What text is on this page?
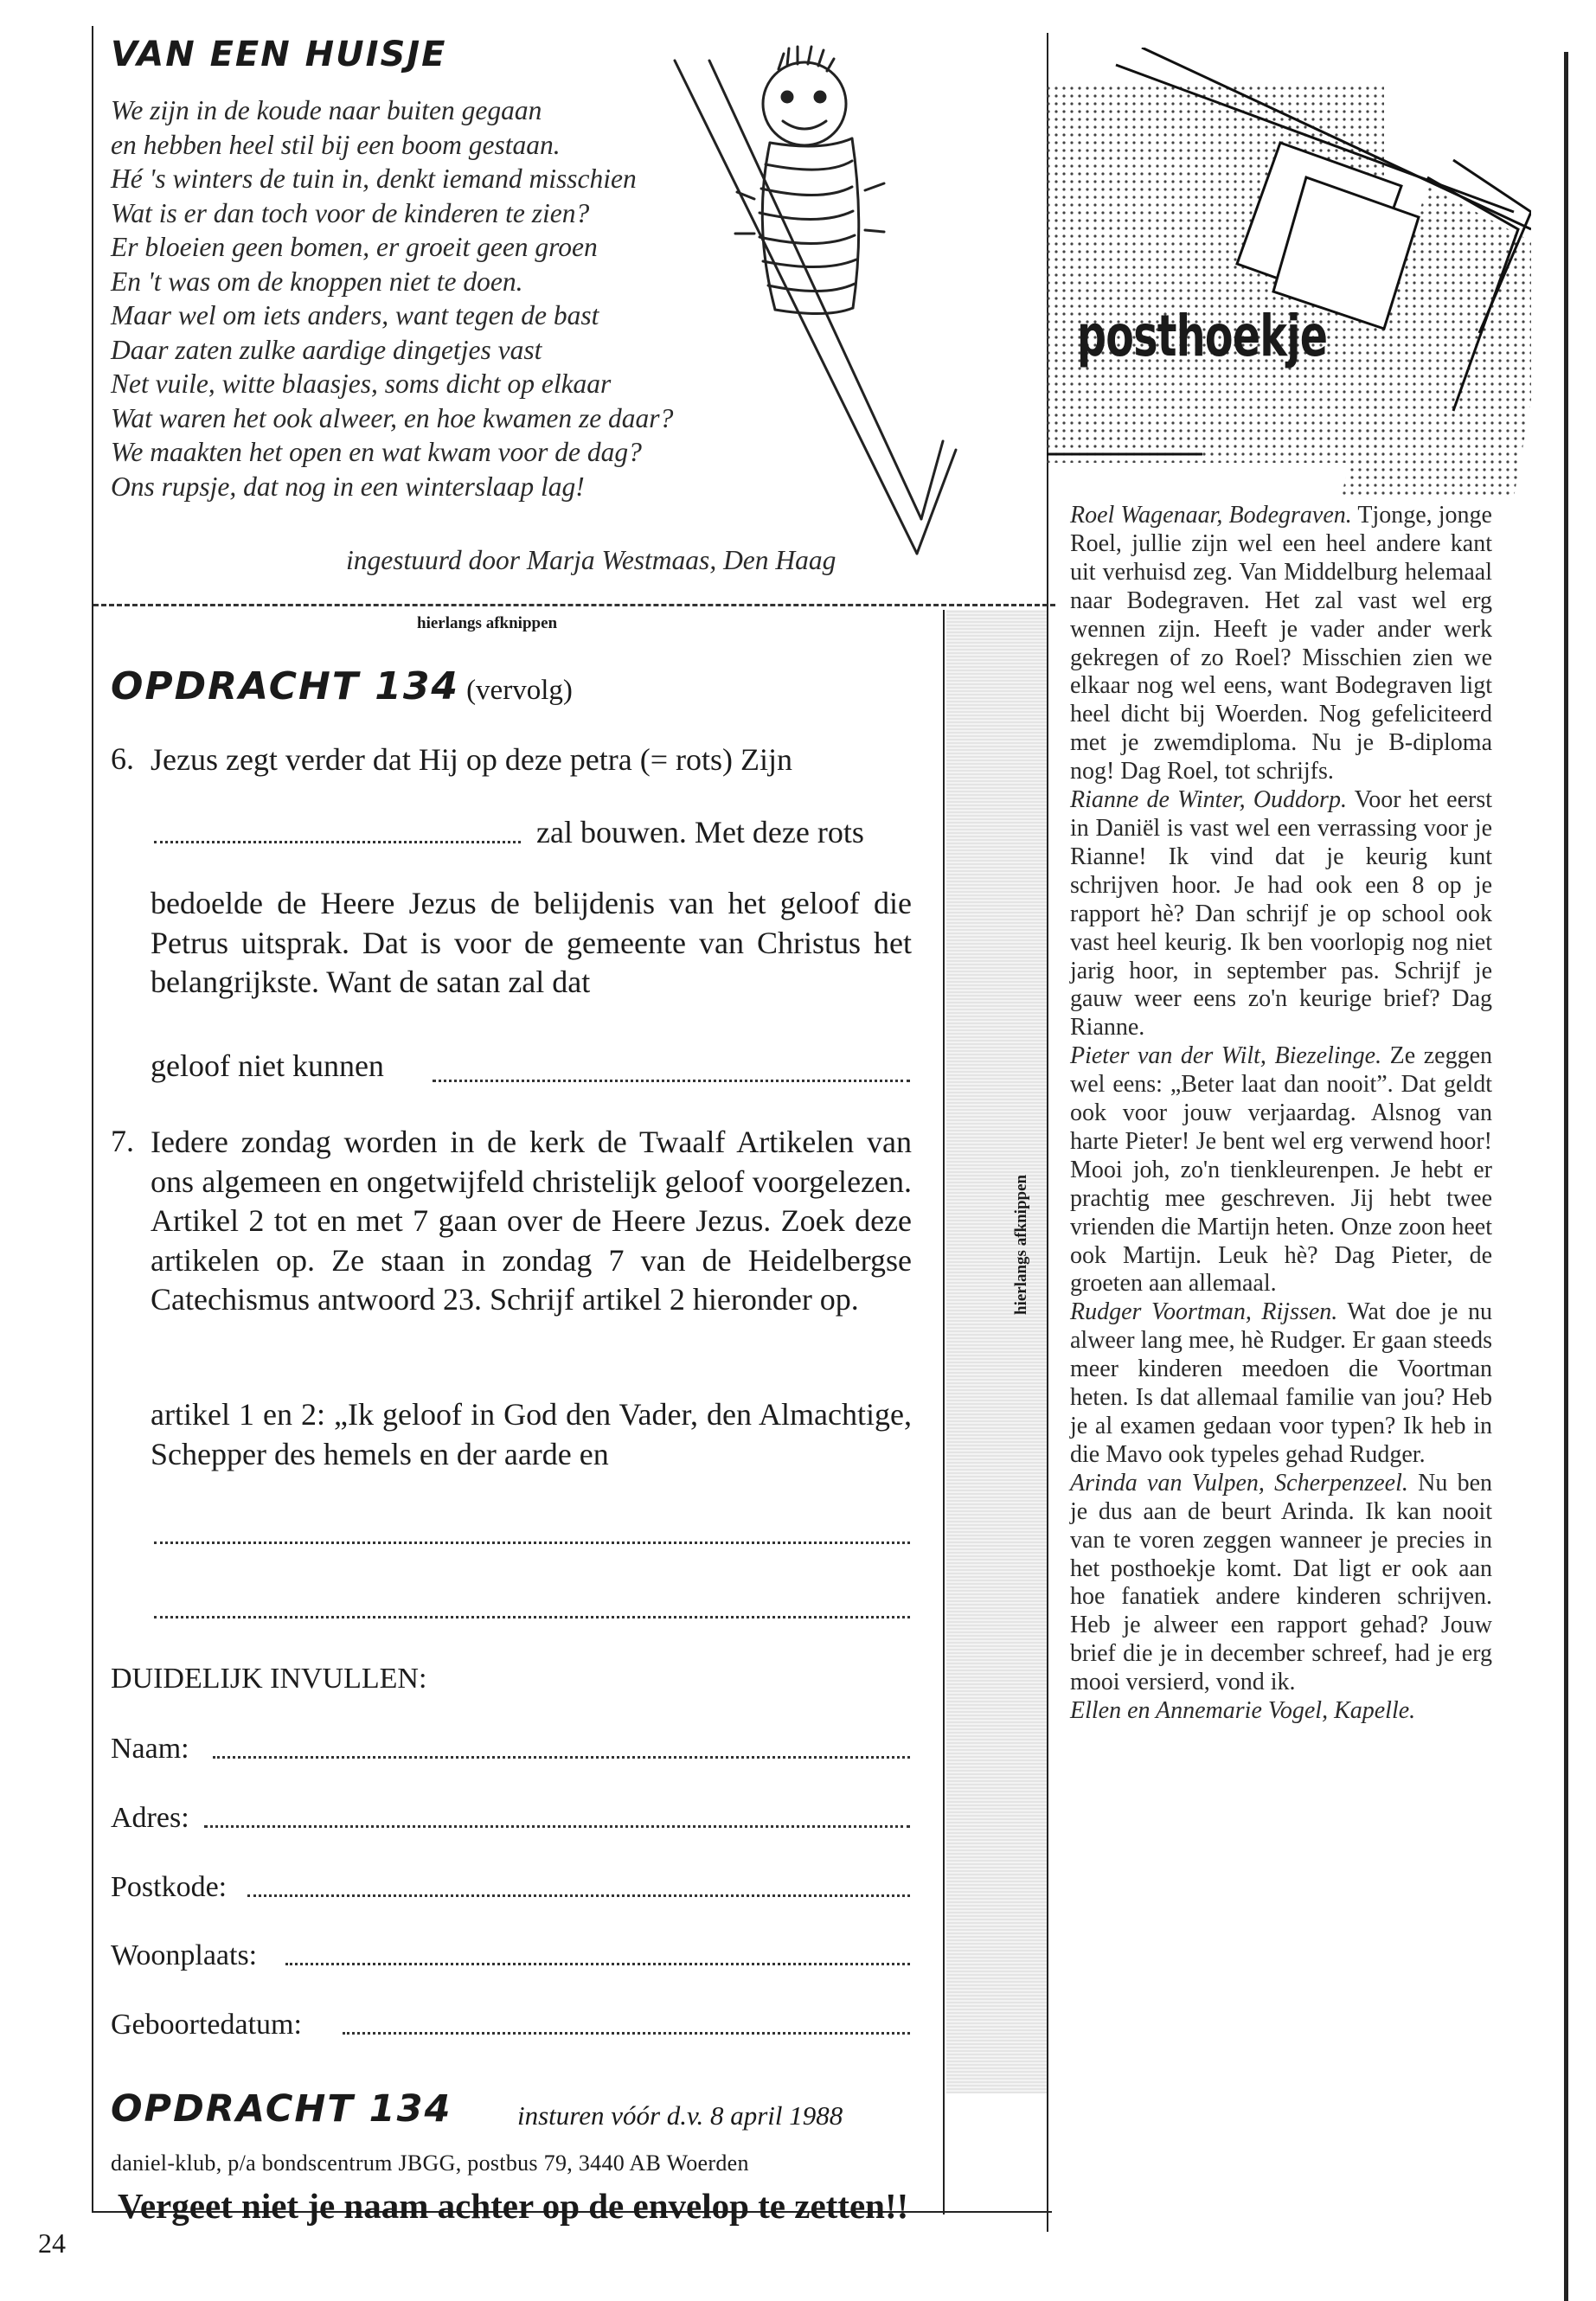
VAN EEN HUISJE
We zijn in de koude naar buiten gegaan
en hebben heel stil bij een boom gestaan.
Hé 's winters de tuin in, denkt iemand misschien
Wat is er dan toch voor de kinderen te zien?
Er bloeien geen bomen, er groeit geen groen
En 't was om de knoppen niet te doen.
Maar wel om iets anders, want tegen de bast
Daar zaten zulke aardige dingetjes vast
Net vuile, witte blaasjes, soms dicht op elkaar
Wat waren het ook alweer, en hoe kwamen ze daar?
We maakten het open en wat kwam voor de dag?
Ons rupsje, dat nog in een winterslaap lag!
ingestuurd door Marja Westmaas, Den Haag
hierlangs afknippen
hierlangs afknippen
OPDRACHT 134 (vervolg)
6. Jezus zegt verder dat Hij op deze petra (= rots) Zijn
zal bouwen. Met deze rots
bedoelde de Heere Jezus de belijdenis van het geloof die Petrus uitsprak. Dat is voor de gemeente van Christus het belangrijkste. Want de satan zal dat
geloof niet kunnen
7. Iedere zondag worden in de kerk de Twaalf Artikelen van ons algemeen en ongetwijfeld christelijk geloof voorgelezen. Artikel 2 tot en met 7 gaan over de Heere Jezus. Zoek deze artikelen op. Ze staan in zondag 7 van de Heidelbergse Catechismus antwoord 23. Schrijf artikel 2 hieronder op.
artikel 1 en 2: „Ik geloof in God den Vader, den Almachtige, Schepper des hemels en der aarde en
DUIDELIJK INVULLEN:
Naam:
Adres:
Postkode:
Woonplaats:
Geboortedatum:
OPDRACHT 134 insturen vóór d.v. 8 april 1988
daniel-klub, p/a bondscentrum JBGG, postbus 79, 3440 AB Woerden
Vergeet niet je naam achter op de envelop te zetten!!
24
posthoekje

Roel Wagenaar, Bodegraven. Tjonge, jonge Roel, jullie zijn wel een heel andere kant uit verhuisd zeg. Van Middelburg helemaal naar Bodegraven. Het zal vast wel erg wennen zijn. Heeft je vader ander werk gekregen of zo Roel? Misschien zien we elkaar nog wel eens, want Bodegraven ligt heel dicht bij Woerden. Nog gefeliciteerd met je zwemdiploma. Nu je B-diploma nog! Dag Roel, tot schrijfs.

Rianne de Winter, Ouddorp. Voor het eerst in Daniël is vast wel een verrassing voor je Rianne! Ik vind dat je keurig kunt schrijven hoor. Je had ook een 8 op je rapport hè? Dan schrijf je op school ook vast heel keurig. Ik ben voorlopig nog niet jarig hoor, in september pas. Schrijf je gauw weer eens zo'n keurige brief? Dag Rianne.

Pieter van der Wilt, Biezelinge. Ze zeggen wel eens: „Beter laat dan nooit”. Dat geldt ook voor jouw verjaardag. Alsnog van harte Pieter! Je bent wel erg verwend hoor! Mooi joh, zo'n tienkleurenpen. Je hebt er prachtig mee geschreven. Jij hebt twee vrienden die Martijn heten. Onze zoon heet ook Martijn. Leuk hè? Dag Pieter, de groeten aan allemaal.

Rudger Voortman, Rijssen. Wat doe je nu alweer lang mee, hè Rudger. Er gaan steeds meer kinderen meedoen die Voortman heten. Is dat allemaal familie van jou? Heb je al examen gedaan voor typen? Ik heb in die Mavo ook typeles gehad Rudger.

Arinda van Vulpen, Scherpenzeel. Nu ben je dus aan de beurt Arinda. Ik kan nooit van te voren zeggen wanneer je precies in het posthoekje komt. Dat ligt er ook aan hoe fanatiek andere kinderen schrijven. Heb je alweer een rapport gehad? Jouw brief die je in december schreef, had je erg mooi versierd, vond ik.

Ellen en Annemarie Vogel, Kapelle.
